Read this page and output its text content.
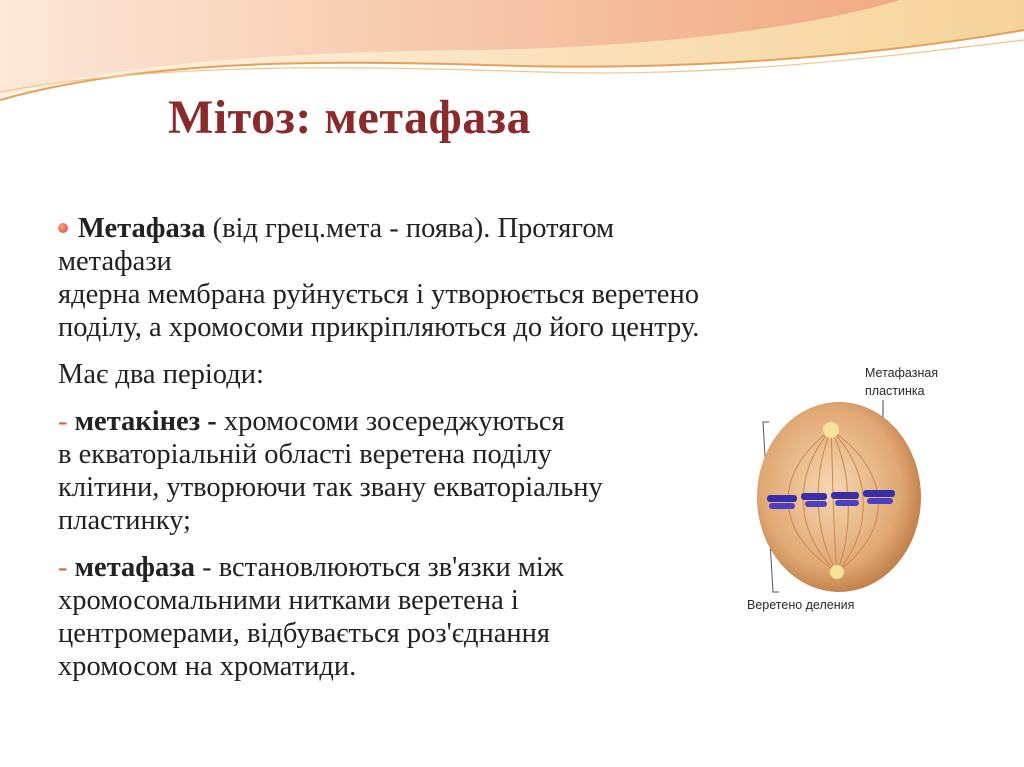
Мітоз: метафаза

Метафаза (від грец.мета - поява). Протягом метафази
ядерна мембрана руйнується і утворюється веретено
поділу, а хромосоми прикріпляються до його центру.

Має два періоди:

- метакінез - хромосоми зосереджуються
в екваторіальній області веретена поділу
клітини, утворюючи так звану екваторіальну
пластинку;

- метафаза - встановлюються зв'язки між
хромосомальними нитками веретена і
центромерами, відбувається роз'єднання
хромосом на хроматиди.

Метафазная
пластинка
Веретено деления
